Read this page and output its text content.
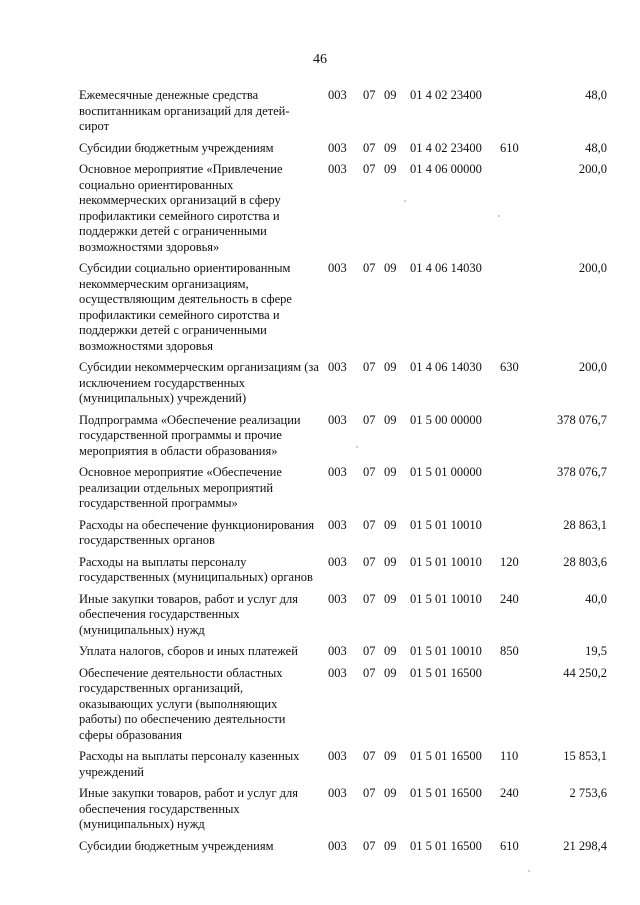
46
Ежемесячные денежные средства воспитанникам организаций для детей-сирот
003 07 09 01 4 02 23400	48,0
Субсидии бюджетным учреждениям	003 07 09 01 4 02 23400 610	48,0
Основное мероприятие «Привлечение социально ориентированных некоммерческих организаций в сферу профилактики семейного сиротства и поддержки детей с ограниченными возможностями здоровья»
003 07 09 01 4 06 00000	200,0
Субсидии социально ориентированным некоммерческим организациям, осуществляющим деятельность в сфере профилактики семейного сиротства и поддержки детей с ограниченными возможностями здоровья
003 07 09 01 4 06 14030	200,0
Субсидии некоммерческим организациям (за исключением государственных (муниципальных) учреждений)
003 07 09 01 4 06 14030 630	200,0
Подпрограмма «Обеспечение реализации государственной программы и прочие мероприятия в области образования»
003 07 09 01 5 00 00000	378 076,7
Основное мероприятие «Обеспечение реализации отдельных мероприятий государственной программы»
003 07 09 01 5 01 00000	378 076,7
Расходы на обеспечение функционирования государственных органов
003 07 09 01 5 01 10010	28 863,1
Расходы на выплаты персоналу государственных (муниципальных) органов
003 07 09 01 5 01 10010 120	28 803,6
Иные закупки товаров, работ и услуг для обеспечения государственных (муниципальных) нужд
003 07 09 01 5 01 10010 240	40,0
Уплата налогов, сборов и иных платежей	003 07 09 01 5 01 10010 850	19,5
Обеспечение деятельности областных государственных организаций, оказывающих услуги (выполняющих работы) по обеспечению деятельности сферы образования
003 07 09 01 5 01 16500	44 250,2
Расходы на выплаты персоналу казенных учреждений
003 07 09 01 5 01 16500 110	15 853,1
Иные закупки товаров, работ и услуг для обеспечения государственных (муниципальных) нужд
003 07 09 01 5 01 16500 240	2 753,6
Субсидии бюджетным учреждениям	003 07 09 01 5 01 16500 610	21 298,4
